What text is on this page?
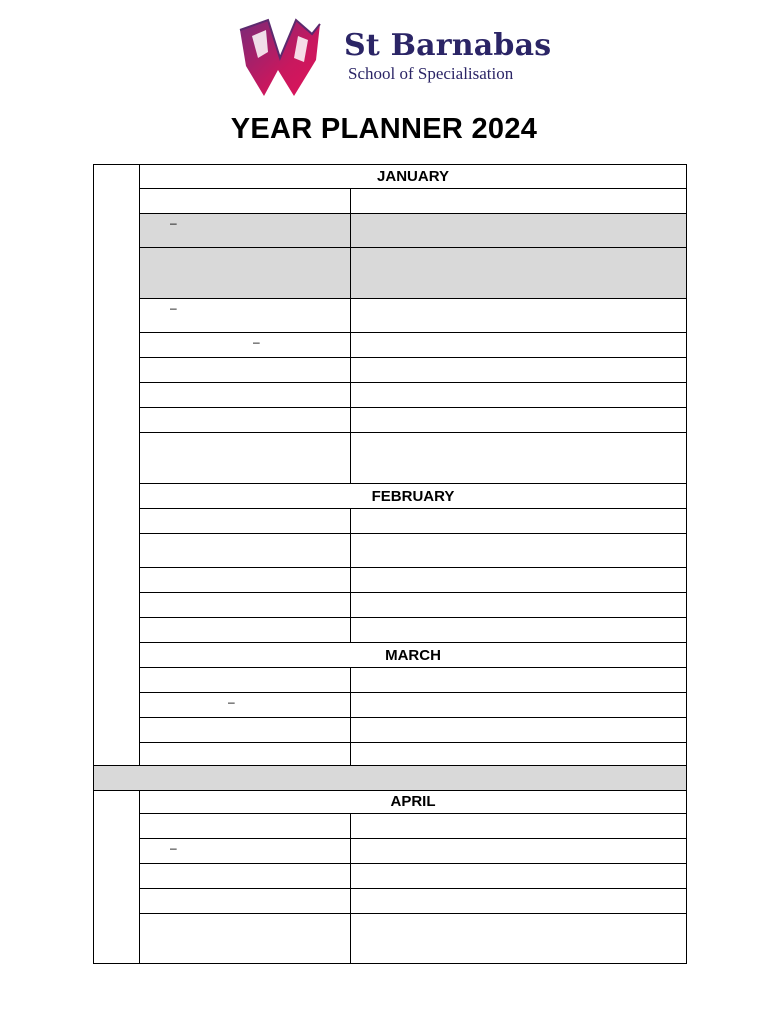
St Barnabas
School of Specialisation
YEAR PLANNER 2024
JANUARY
–
–
–
FEBRUARY
MARCH
–
APRIL
–
